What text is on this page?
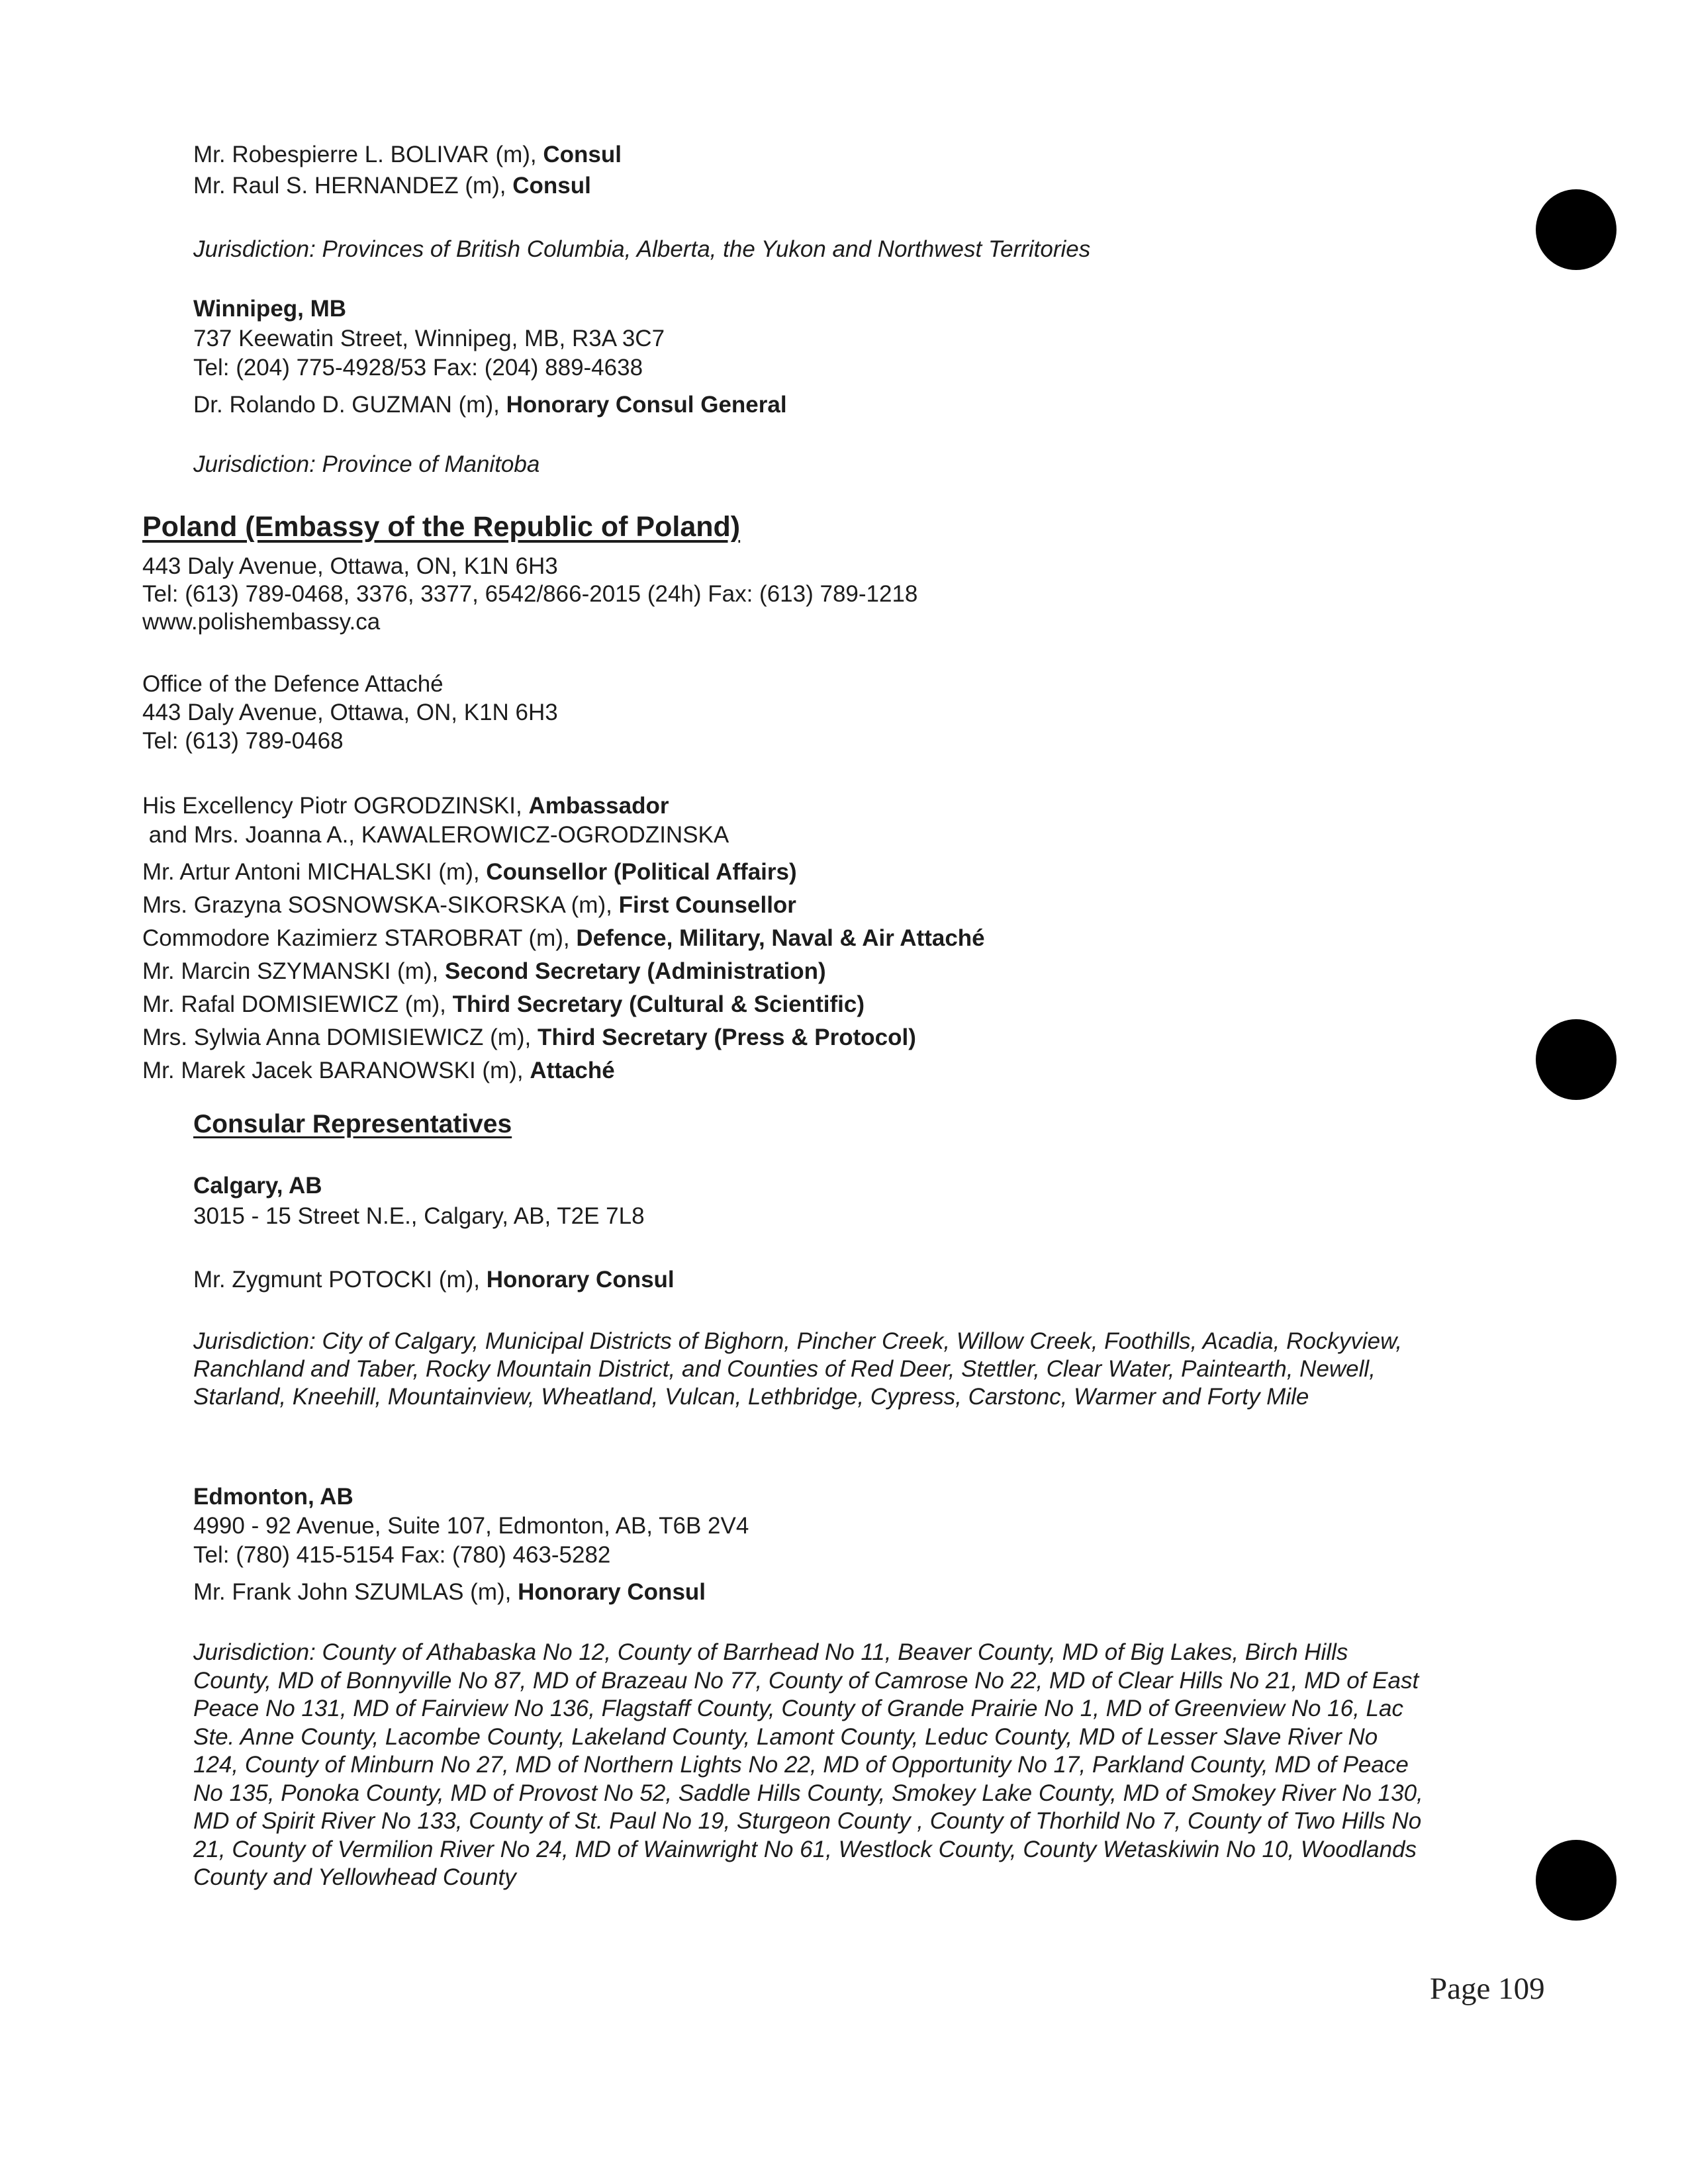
Mr. Robespierre L. BOLIVAR (m), Consul
Mr. Raul S. HERNANDEZ (m), Consul
Jurisdiction: Provinces of British Columbia, Alberta, the Yukon and Northwest Territories
Winnipeg, MB
737 Keewatin Street, Winnipeg, MB, R3A 3C7
Tel: (204) 775-4928/53 Fax: (204) 889-4638
Dr. Rolando D. GUZMAN (m), Honorary Consul General
Jurisdiction: Province of Manitoba
Poland (Embassy of the Republic of Poland)
443 Daly Avenue, Ottawa, ON, K1N 6H3
Tel: (613) 789-0468, 3376, 3377, 6542/866-2015 (24h) Fax: (613) 789-1218
www.polishembassy.ca
Office of the Defence Attaché
443 Daly Avenue, Ottawa, ON, K1N 6H3
Tel: (613) 789-0468
His Excellency Piotr OGRODZINSKI, Ambassador
and Mrs. Joanna A., KAWALEROWICZ-OGRODZINSKA
Mr. Artur Antoni MICHALSKI (m), Counsellor (Political Affairs)
Mrs. Grazyna SOSNOWSKA-SIKORSKA (m), First Counsellor
Commodore Kazimierz STAROBRAT (m), Defence, Military, Naval & Air Attaché
Mr. Marcin SZYMANSKI (m), Second Secretary (Administration)
Mr. Rafal DOMISIEWICZ (m), Third Secretary (Cultural & Scientific)
Mrs. Sylwia Anna DOMISIEWICZ (m), Third Secretary (Press & Protocol)
Mr. Marek Jacek BARANOWSKI (m), Attaché
Consular Representatives
Calgary, AB
3015 - 15 Street N.E., Calgary, AB, T2E 7L8
Mr. Zygmunt POTOCKI (m), Honorary Consul
Jurisdiction: City of Calgary, Municipal Districts of Bighorn, Pincher Creek, Willow Creek, Foothills, Acadia, Rockyview,
Ranchland and Taber, Rocky Mountain District, and Counties of Red Deer, Stettler, Clear Water, Paintearth, Newell,
Starland, Kneehill, Mountainview, Wheatland, Vulcan, Lethbridge, Cypress, Carstonc, Warmer and Forty Mile
Edmonton, AB
4990 - 92 Avenue, Suite 107, Edmonton, AB, T6B 2V4
Tel: (780) 415-5154 Fax: (780) 463-5282
Mr. Frank John SZUMLAS (m), Honorary Consul
Jurisdiction: County of Athabaska No 12, County of Barrhead No 11, Beaver County, MD of Big Lakes, Birch Hills
County, MD of Bonnyville No 87, MD of Brazeau No 77, County of Camrose No 22, MD of Clear Hills No 21, MD of East
Peace No 131, MD of Fairview No 136, Flagstaff County, County of Grande Prairie No 1, MD of Greenview No 16, Lac
Ste. Anne County, Lacombe County, Lakeland County, Lamont County, Leduc County, MD of Lesser Slave River No
124, County of Minburn No 27, MD of Northern Lights No 22, MD of Opportunity No 17, Parkland County, MD of Peace
No 135, Ponoka County, MD of Provost No 52, Saddle Hills County, Smokey Lake County, MD of Smokey River No 130,
MD of Spirit River No 133, County of St. Paul No 19, Sturgeon County , County of Thorhild No 7, County of Two Hills No
21, County of Vermilion River No 24, MD of Wainwright No 61, Westlock County, County Wetaskiwin No 10, Woodlands
County and Yellowhead County
Page 109
